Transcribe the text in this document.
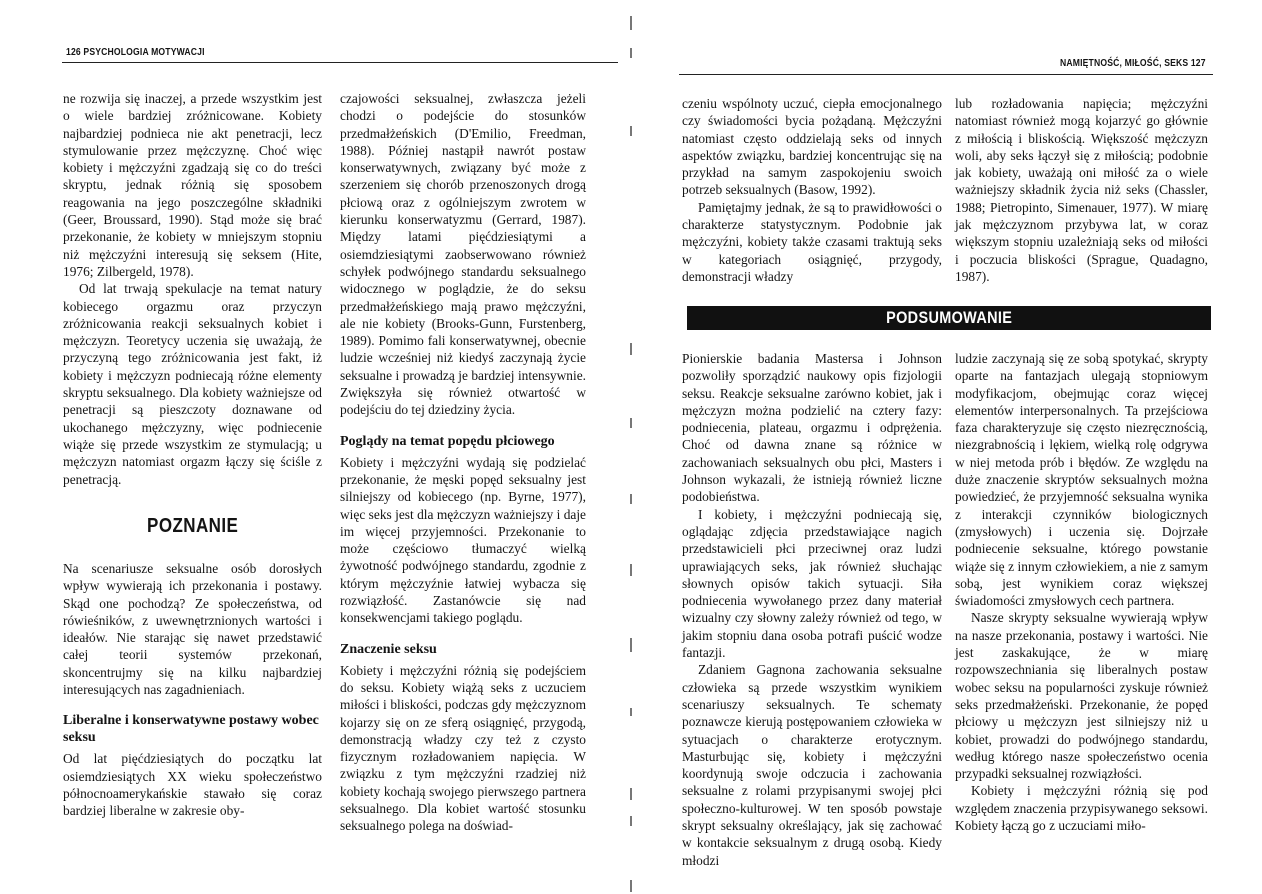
126 PSYCHOLOGIA MOTYWACJI

ne rozwija się inaczej, a przede wszystkim jest o wiele bardziej zróżnicowane. Kobiety najbardziej podnieca nie akt penetracji, lecz stymulowanie przez mężczyznę. Choć więc kobiety i mężczyźni zgadzają się co do treści skryptu, jednak różnią się sposobem reagowania na jego poszczególne składniki (Geer, Broussard, 1990). Stąd może się brać przekonanie, że kobiety w mniejszym stopniu niż mężczyźni interesują się seksem (Hite, 1976; Zilbergeld, 1978).

Od lat trwają spekulacje na temat natury kobiecego orgazmu oraz przyczyn zróżnicowania reakcji seksualnych kobiet i mężczyzn. Teoretycy uczenia się uważają, że przyczyną tego zróżnicowania jest fakt, iż kobiety i mężczyzn podniecają różne elementy skryptu seksualnego. Dla kobiety ważniejsze od penetracji są pieszczoty doznawane od ukochanego mężczyzny, więc podniecenie wiąże się przede wszystkim ze stymulacją; u mężczyzn natomiast orgazm łączy się ściśle z penetracją.

POZNANIE

Na scenariusze seksualne osób dorosłych wpływ wywierają ich przekonania i postawy. Skąd one pochodzą? Ze społeczeństwa, od rówieśników, z uwewnętrznionych wartości i ideałów. Nie starając się nawet przedstawić całej teorii systemów przekonań, skoncentrujmy się na kilku najbardziej interesujących nas zagadnieniach.

Liberalne i konserwatywne postawy wobec seksu

Od lat pięćdziesiątych do początku lat osiemdziesiątych XX wieku społeczeństwo północnoamerykańskie stawało się coraz bardziej liberalne w zakresie oby-

czajowości seksualnej, zwłaszcza jeżeli chodzi o podejście do stosunków przedmałżeńskich (D'Emilio, Freedman, 1988). Później nastąpił nawrót postaw konserwatywnych, związany być może z szerzeniem się chorób przenoszonych drogą płciową oraz z ogólniejszym zwrotem w kierunku konserwatyzmu (Gerrard, 1987). Między latami pięćdziesiątymi a osiemdziesiątymi zaobserwowano również schyłek podwójnego standardu seksualnego widocznego w poglądzie, że do seksu przedmałżeńskiego mają prawo mężczyźni, ale nie kobiety (Brooks-Gunn, Furstenberg, 1989). Pomimo fali konserwatywnej, obecnie ludzie wcześniej niż kiedyś zaczynają życie seksualne i prowadzą je bardziej intensywnie. Zwiększyła się również otwartość w podejściu do tej dziedziny życia.

Poglądy na temat popędu płciowego

Kobiety i mężczyźni wydają się podzielać przekonanie, że męski popęd seksualny jest silniejszy od kobiecego (np. Byrne, 1977), więc seks jest dla mężczyzn ważniejszy i daje im więcej przyjemności. Przekonanie to może częściowo tłumaczyć wielką żywotność podwójnego standardu, zgodnie z którym mężczyźnie łatwiej wybacza się rozwiązłość. Zastanówcie się nad konsekwencjami takiego poglądu.

Znaczenie seksu

Kobiety i mężczyźni różnią się podejściem do seksu. Kobiety wiążą seks z uczuciem miłości i bliskości, podczas gdy mężczyznom kojarzy się on ze sferą osiągnięć, przygodą, demonstracją władzy czy też z czysto fizycznym rozładowaniem napięcia. W związku z tym mężczyźni rzadziej niż kobiety kochają swojego pierwszego partnera seksualnego. Dla kobiet wartość stosunku seksualnego polega na doświad-

NAMIĘTNOŚĆ, MIŁOŚĆ, SEKS 127

czeniu wspólnoty uczuć, ciepła emocjonalnego czy świadomości bycia pożądaną. Mężczyźni natomiast często oddzielają seks od innych aspektów związku, bardziej koncentrując się na przykład na samym zaspokojeniu swoich potrzeb seksualnych (Basow, 1992).

Pamiętajmy jednak, że są to prawidłowości o charakterze statystycznym. Podobnie jak mężczyźni, kobiety także czasami traktują seks w kategoriach osiągnięć, przygody, demonstracji władzy

lub rozładowania napięcia; mężczyźni natomiast również mogą kojarzyć go głównie z miłością i bliskością. Większość mężczyzn woli, aby seks łączył się z miłością; podobnie jak kobiety, uważają oni miłość za o wiele ważniejszy składnik życia niż seks (Chassler, 1988; Pietropinto, Simenauer, 1977). W miarę jak mężczyznom przybywa lat, w coraz większym stopniu uzależniają seks od miłości i poczucia bliskości (Sprague, Quadagno, 1987).

PODSUMOWANIE

Pionierskie badania Mastersa i Johnson pozwoliły sporządzić naukowy opis fizjologii seksu. Reakcje seksualne zarówno kobiet, jak i mężczyzn można podzielić na cztery fazy: podniecenia, plateau, orgazmu i odprężenia. Choć od dawna znane są różnice w zachowaniach seksualnych obu płci, Masters i Johnson wykazali, że istnieją również liczne podobieństwa.

I kobiety, i mężczyźni podniecają się, oglądając zdjęcia przedstawiające nagich przedstawicieli płci przeciwnej oraz ludzi uprawiających seks, jak również słuchając słownych opisów takich sytuacji. Siła podniecenia wywołanego przez dany materiał wizualny czy słowny zależy również od tego, w jakim stopniu dana osoba potrafi puścić wodze fantazji.

Zdaniem Gagnona zachowania seksualne człowieka są przede wszystkim wynikiem scenariuszy seksualnych. Te schematy poznawcze kierują postępowaniem człowieka w sytuacjach o charakterze erotycznym. Masturbując się, kobiety i mężczyźni koordynują swoje odczucia i zachowania seksualne z rolami przypisanymi swojej płci społeczno-kulturowej. W ten sposób powstaje skrypt seksualny określający, jak się zachować w kontakcie seksualnym z drugą osobą. Kiedy młodzi

ludzie zaczynają się ze sobą spotykać, skrypty oparte na fantazjach ulegają stopniowym modyfikacjom, obejmując coraz więcej elementów interpersonalnych. Ta przejściowa faza charakteryzuje się często niezręcznością, niezgrabnością i lękiem, wielką rolę odgrywa w niej metoda prób i błędów. Ze względu na duże znaczenie skryptów seksualnych można powiedzieć, że przyjemność seksualna wynika z interakcji czynników biologicznych (zmysłowych) i uczenia się. Dojrzałe podniecenie seksualne, którego powstanie wiąże się z innym człowiekiem, a nie z samym sobą, jest wynikiem coraz większej świadomości zmysłowych cech partnera.

Nasze skrypty seksualne wywierają wpływ na nasze przekonania, postawy i wartości. Nie jest zaskakujące, że w miarę rozpowszechniania się liberalnych postaw wobec seksu na popularności zyskuje również seks przedmałżeński. Przekonanie, że popęd płciowy u mężczyzn jest silniejszy niż u kobiet, prowadzi do podwójnego standardu, według którego nasze społeczeństwo ocenia przypadki seksualnej rozwiązłości.

Kobiety i mężczyźni różnią się pod względem znaczenia przypisywanego seksowi. Kobiety łączą go z uczuciami miło-
